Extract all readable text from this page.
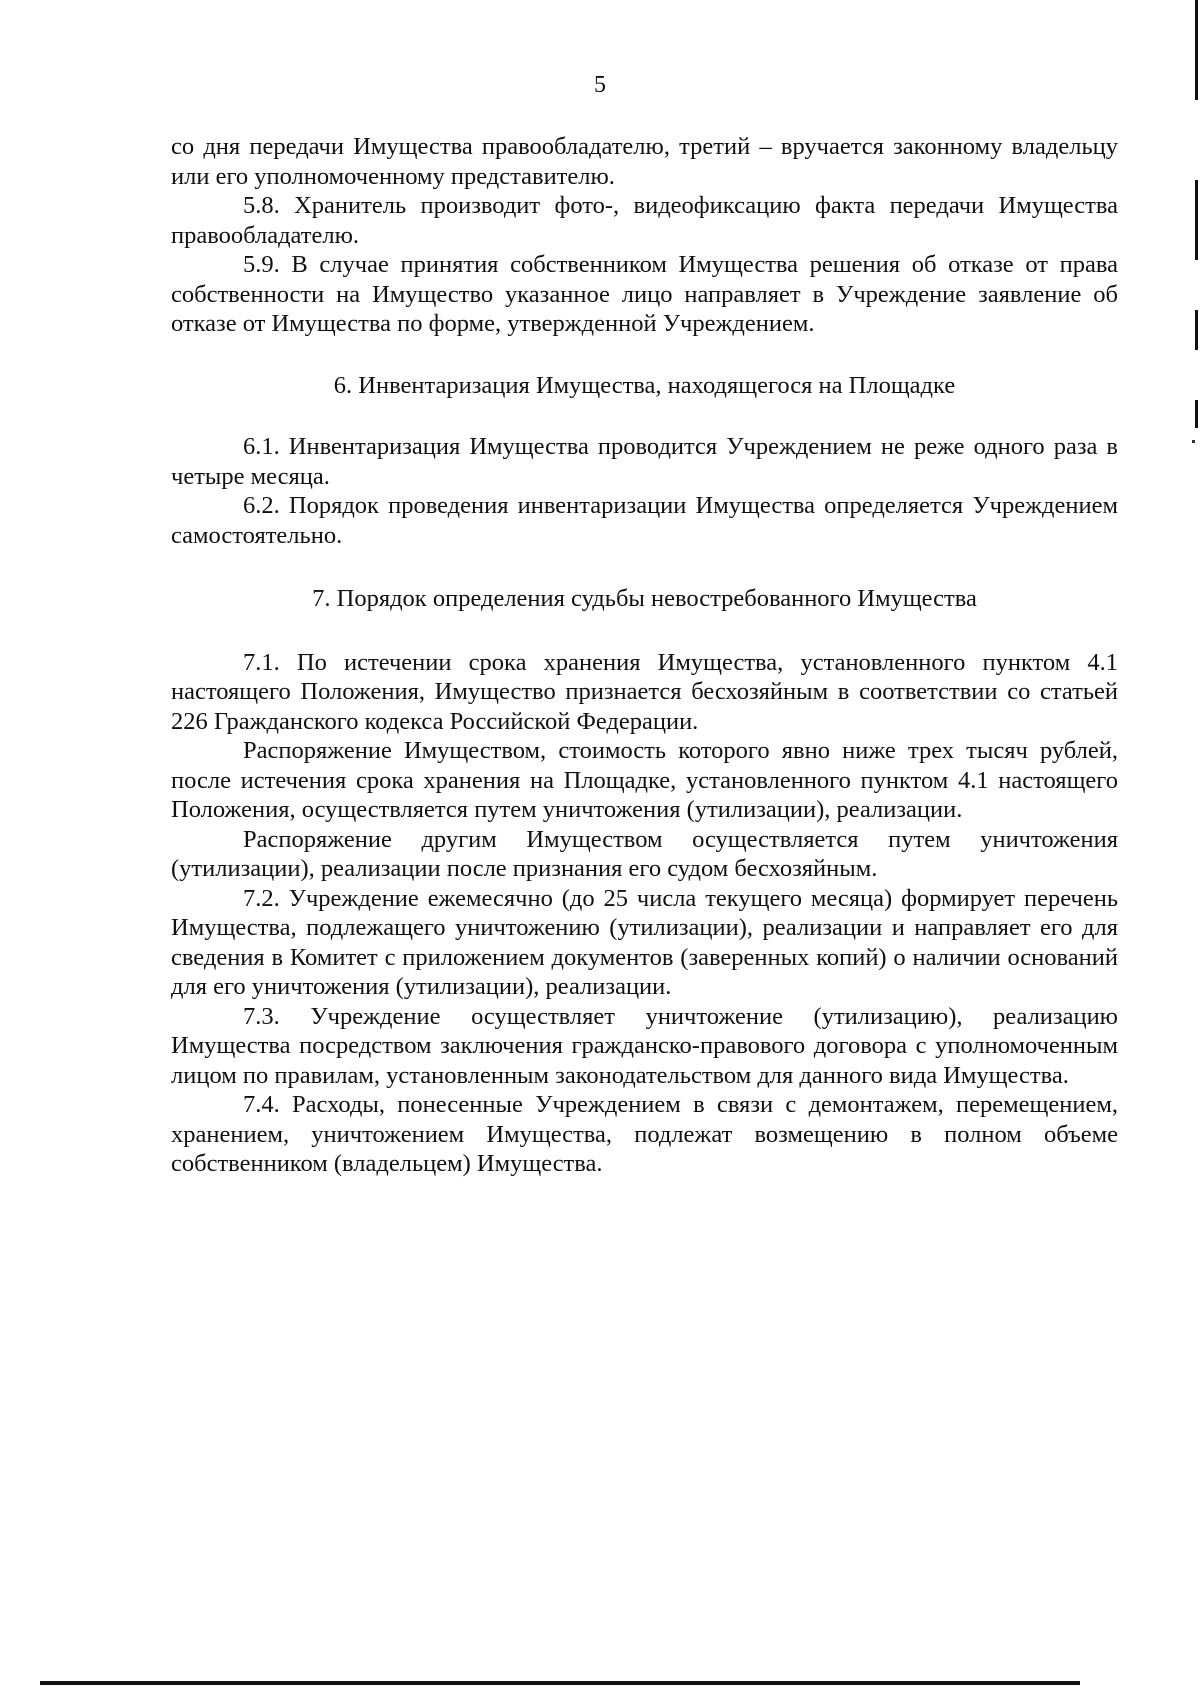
5

со дня передачи Имущества правообладателю, третий – вручается законному владельцу или его уполномоченному представителю.

5.8. Хранитель производит фото-, видеофиксацию факта передачи Имущества правообладателю.

5.9. В случае принятия собственником Имущества решения об отказе от права собственности на Имущество указанное лицо направляет в Учреждение заявление об отказе от Имущества по форме, утвержденной Учреждением.

6. Инвентаризация Имущества, находящегося на Площадке

6.1. Инвентаризация Имущества проводится Учреждением не реже одного раза в четыре месяца.

6.2. Порядок проведения инвентаризации Имущества определяется Учреждением самостоятельно.

7. Порядок определения судьбы невостребованного Имущества

7.1. По истечении срока хранения Имущества, установленного пунктом 4.1 настоящего Положения, Имущество признается бесхозяйным в соответствии со статьей 226 Гражданского кодекса Российской Федерации.

Распоряжение Имуществом, стоимость которого явно ниже трех тысяч рублей, после истечения срока хранения на Площадке, установленного пунктом 4.1 настоящего Положения, осуществляется путем уничтожения (утилизации), реализации.

Распоряжение другим Имуществом осуществляется путем уничтожения (утилизации), реализации после признания его судом бесхозяйным.

7.2. Учреждение ежемесячно (до 25 числа текущего месяца) формирует перечень Имущества, подлежащего уничтожению (утилизации), реализации и направляет его для сведения в Комитет с приложением документов (заверенных копий) о наличии оснований для его уничтожения (утилизации), реализации.

7.3. Учреждение осуществляет уничтожение (утилизацию), реализацию Имущества посредством заключения гражданско-правового договора с уполномоченным лицом по правилам, установленным законодательством для данного вида Имущества.

7.4. Расходы, понесенные Учреждением в связи с демонтажем, перемещением, хранением, уничтожением Имущества, подлежат возмещению в полном объеме собственником (владельцем) Имущества.
